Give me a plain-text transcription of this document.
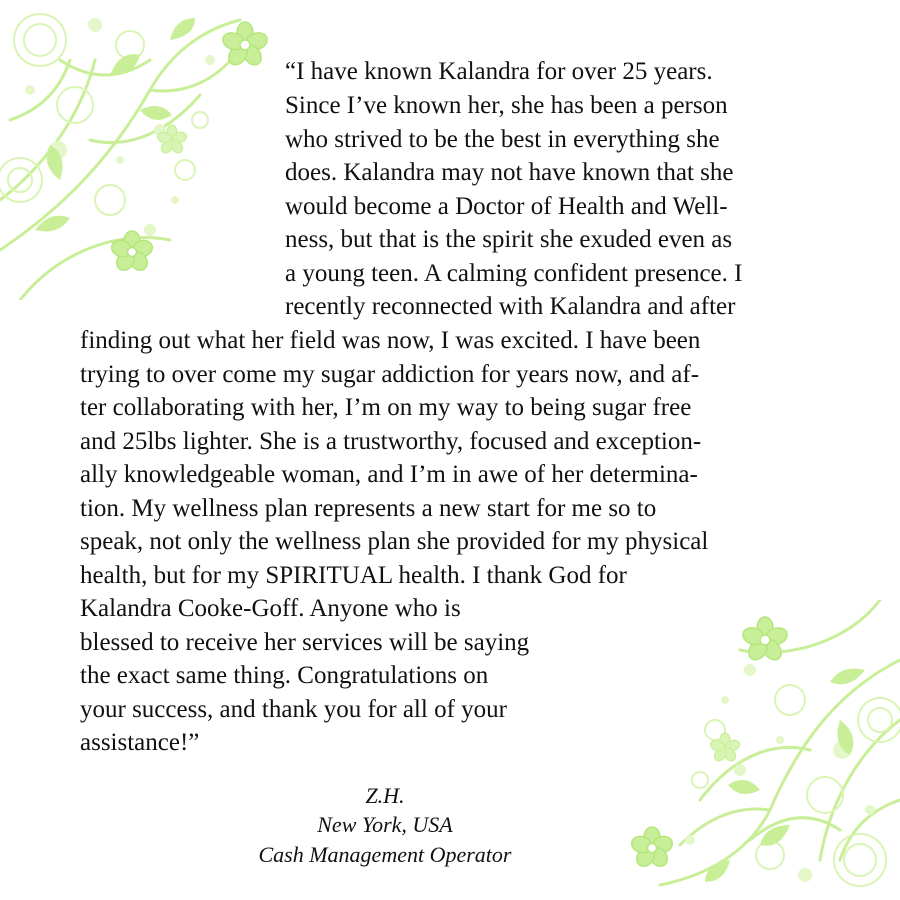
“I have known Kalandra for over 25 years.
Since I’ve known her, she has been a person
who strived to be the best in everything she
does. Kalandra may not have known that she
would become a Doctor of Health and Well-
ness, but that is the spirit she exuded even as
a young teen. A calming confident presence. I
recently reconnected with Kalandra and after
finding out what her field was now, I was excited. I have been
trying to over come my sugar addiction for years now, and af-
ter collaborating with her, I’m on my way to being sugar free
and 25lbs lighter. She is a trustworthy, focused and exception-
ally knowledgeable woman, and I’m in awe of her determina-
tion. My wellness plan represents a new start for me so to
speak, not only the wellness plan she provided for my physical
health, but for my SPIRITUAL health. I thank God for
Kalandra Cooke-Goff. Anyone who is
blessed to receive her services will be saying
the exact same thing. Congratulations on
your success, and thank you for all of your
assistance!”
Z.H.
New York, USA
Cash Management Operator
